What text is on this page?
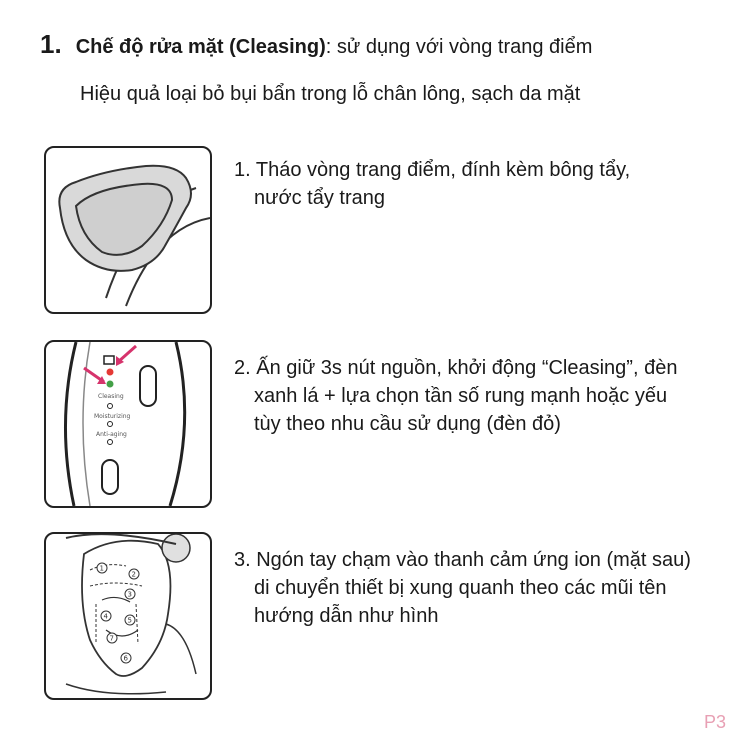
1. Chế độ rửa mặt (Cleasing): sử dụng với vòng trang điểm
Hiệu quả loại bỏ bụi bẩn trong lỗ chân lông, sạch da mặt
1. Tháo vòng trang điểm, đính kèm bông tẩy,
nước tẩy trang
Cleasing
Moisturizing
Anti-aging
2. Ấn giữ 3s nút nguồn, khởi động “Cleasing”, đèn
xanh lá + lựa chọn tần số rung mạnh hoặc yếu
tùy theo nhu cầu sử dụng (đèn đỏ)
1
2
3
4	5
6
7
3. Ngón tay chạm vào thanh cảm ứng ion (mặt sau)
di chuyển thiết bị xung quanh theo các mũi tên
hướng dẫn như hình
P3
